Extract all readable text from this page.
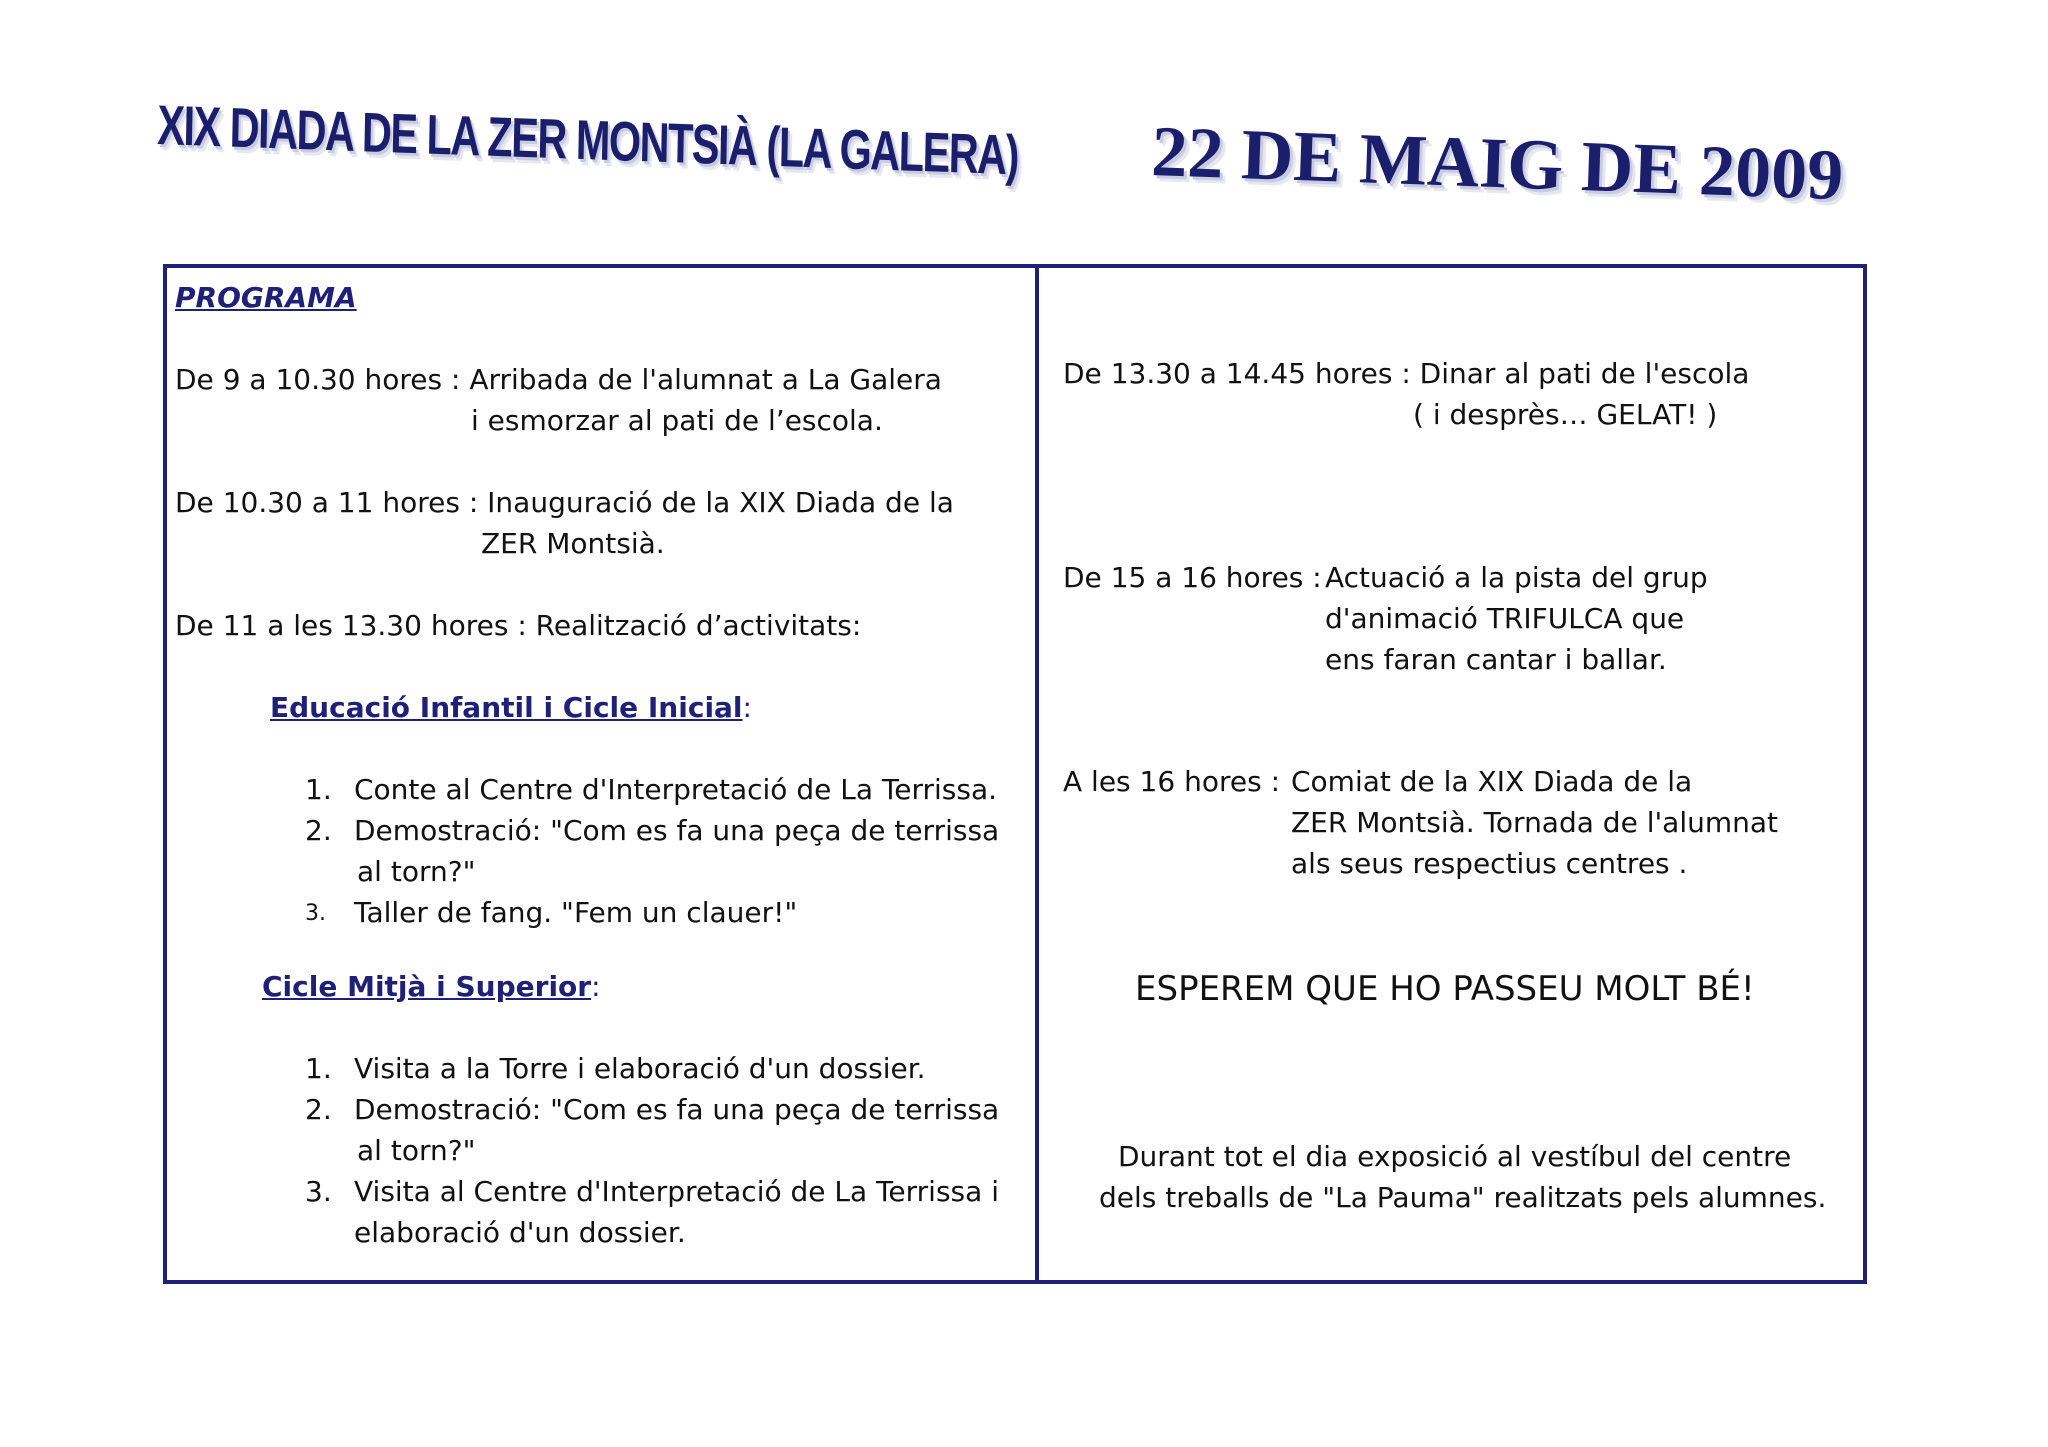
XIX DIADA DE LA ZER MONTSIÀ (LA GALERA) 22 DE MAIG DE 2009
PROGRAMA
De 9 a 10.30 hores : Arribada de l'alumnat a La Galera
i esmorzar al pati de l’escola.
De 10.30 a 11 hores : Inauguració de la XIX Diada de la
ZER Montsià.
De 11 a les 13.30 hores : Realització d’activitats:
Educació Infantil i Cicle Inicial:
1. Conte al Centre d'Interpretació de La Terrissa.
2. Demostració: "Com es fa una peça de terrissa
al torn?"
3. Taller de fang. "Fem un clauer!"
Cicle Mitjà i Superior:
1. Visita a la Torre i elaboració d'un dossier.
2. Demostració: "Com es fa una peça de terrissa
al torn?"
3. Visita al Centre d'Interpretació de La Terrissa i
elaboració d'un dossier.
De 13.30 a 14.45 hores : Dinar al pati de l'escola
( i desprès… GELAT! )
De 15 a 16 hores : Actuació a la pista del grup
d'animació TRIFULCA que
ens faran cantar i ballar.
A les 16 hores : Comiat de la XIX Diada de la
ZER Montsià. Tornada de l'alumnat
als seus respectius centres .
ESPEREM QUE HO PASSEU MOLT BÉ!
Durant tot el dia exposició al vestíbul del centre
dels treballs de "La Pauma" realitzats pels alumnes.
